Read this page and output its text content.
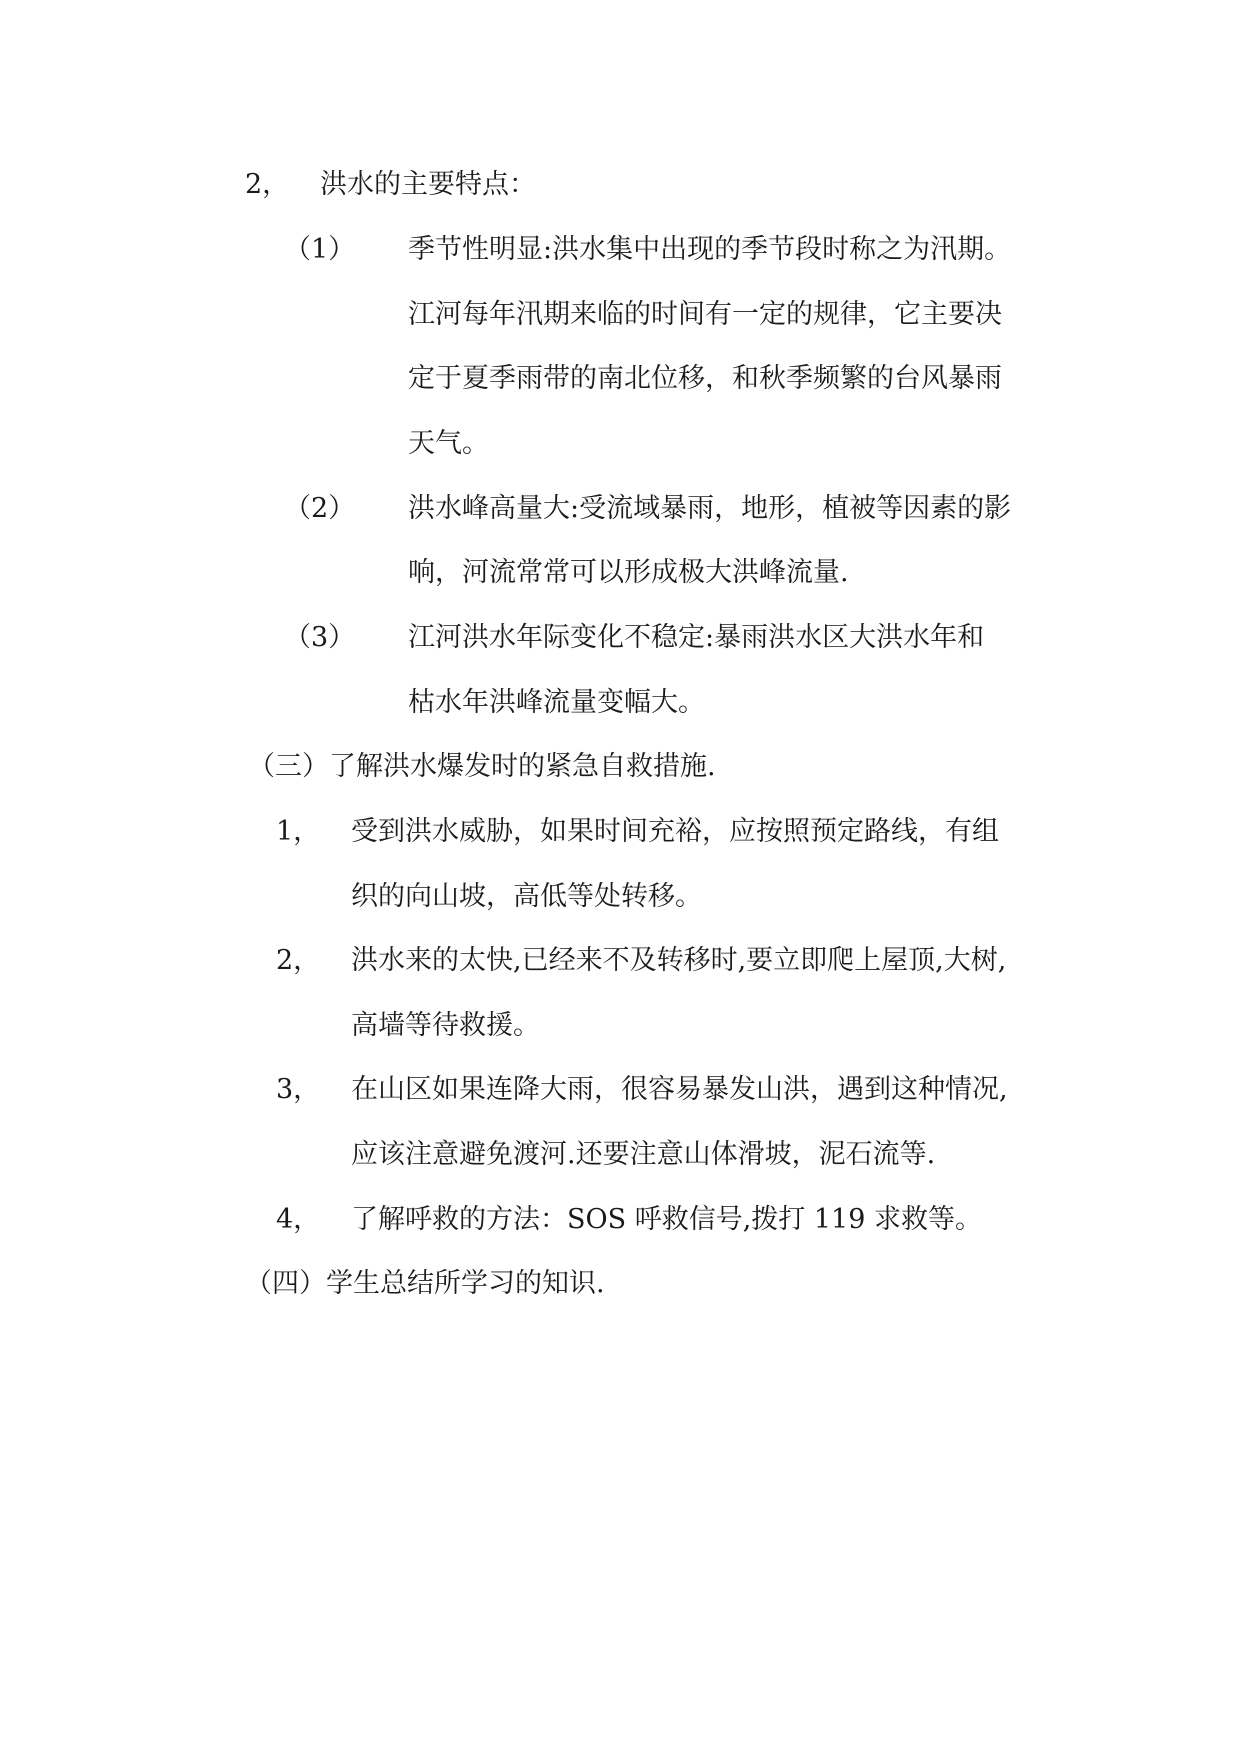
2， 洪水的主要特点：
（1） 季节性明显:洪水集中出现的季节段时称之为汛期。
江河每年汛期来临的时间有一定的规律，它主要决
定于夏季雨带的南北位移，和秋季频繁的台风暴雨
天气。
（2） 洪水峰高量大:受流域暴雨，地形，植被等因素的影
响，河流常常可以形成极大洪峰流量.
（3） 江河洪水年际变化不稳定:暴雨洪水区大洪水年和
枯水年洪峰流量变幅大。
（三）了解洪水爆发时的紧急自救措施.
1， 受到洪水威胁，如果时间充裕，应按照预定路线，有组
织的向山坡，高低等处转移。
2， 洪水来的太快,已经来不及转移时,要立即爬上屋顶,大树,
高墙等待救援。
3， 在山区如果连降大雨，很容易暴发山洪，遇到这种情况,
应该注意避免渡河.还要注意山体滑坡，泥石流等.
4， 了解呼救的方法：SOS 呼救信号,拨打 119 求救等。
（四）学生总结所学习的知识.
